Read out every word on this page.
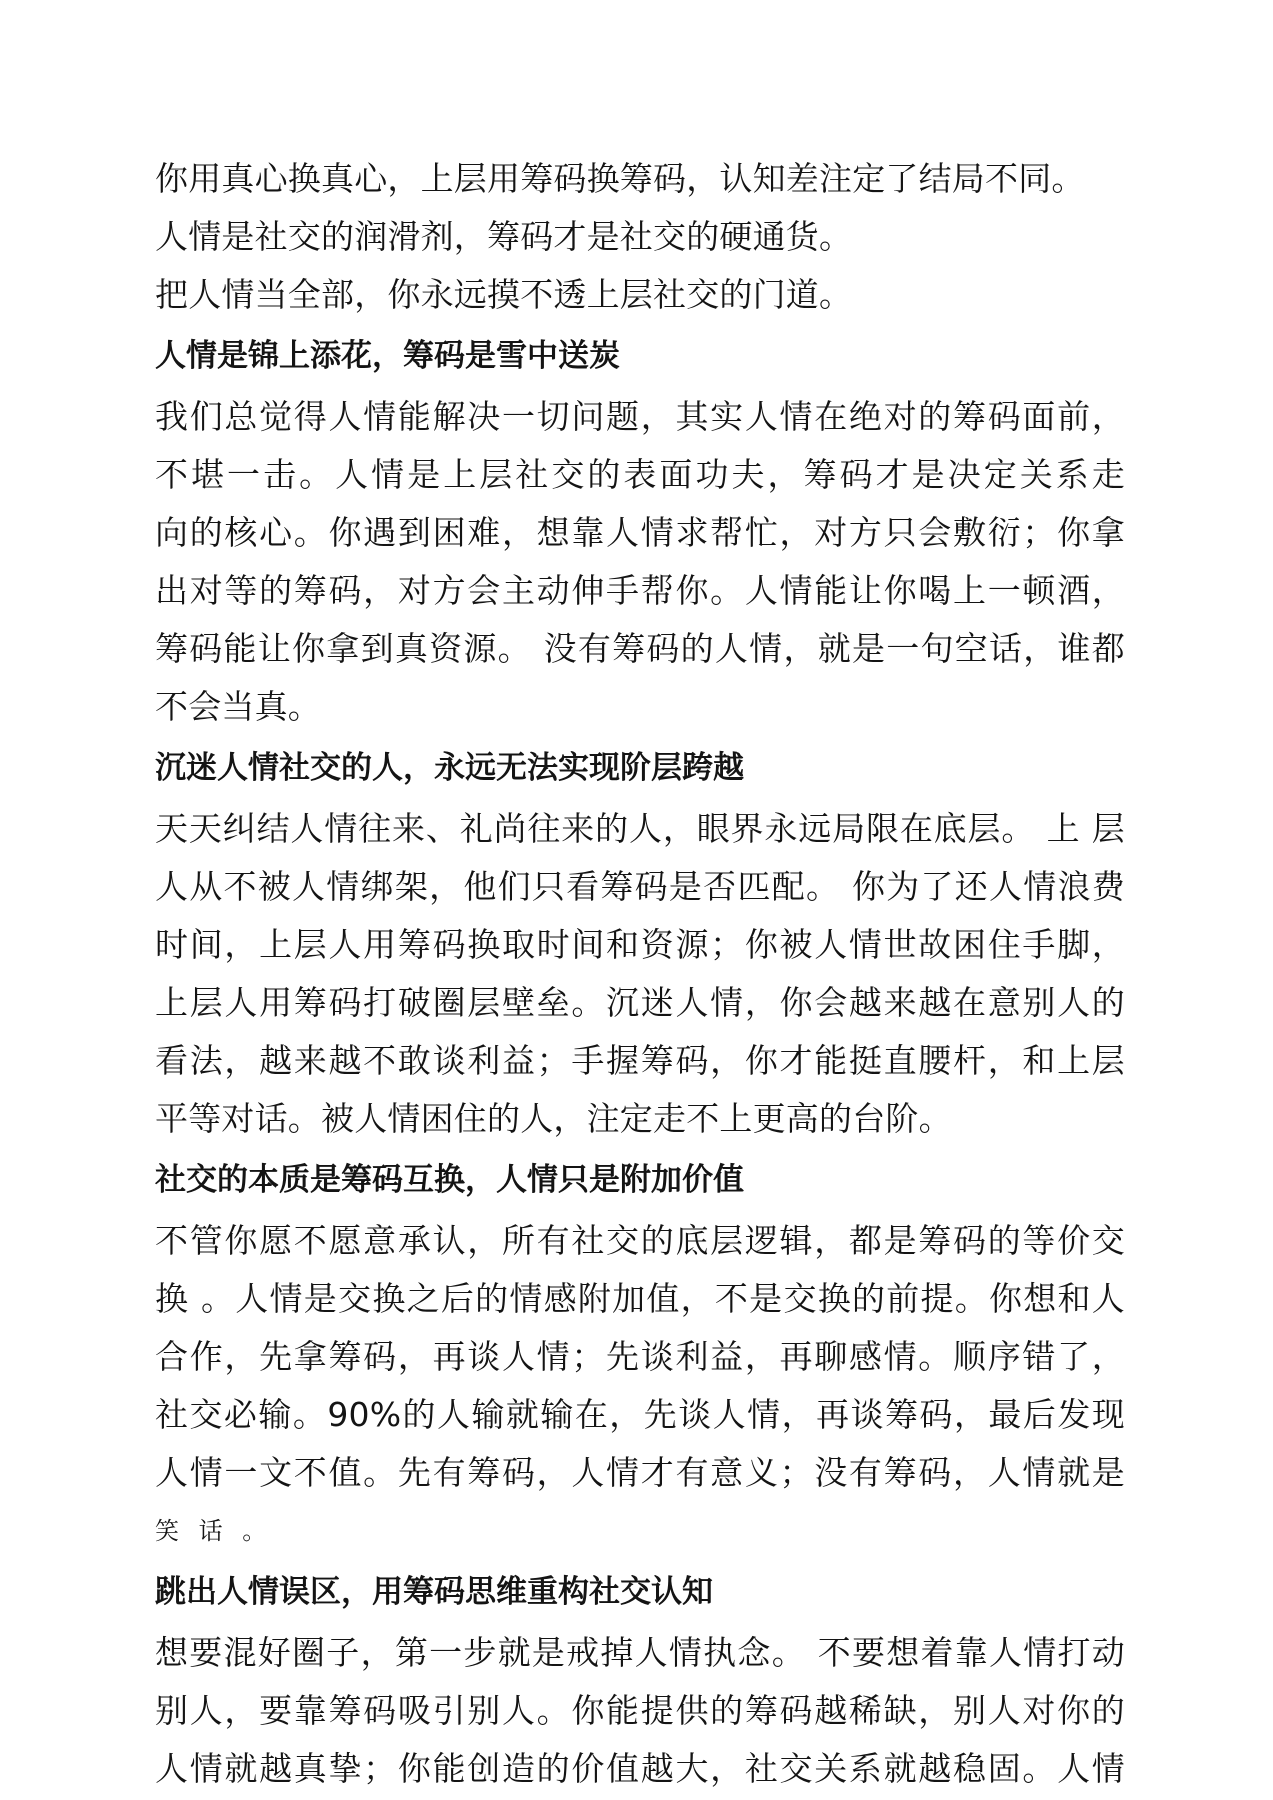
你用真心换真心，上层用筹码换筹码，认知差注定了结局不同。
人情是社交的润滑剂，筹码才是社交的硬通货。
把人情当全部，你永远摸不透上层社交的门道。
人情是锦上添花，筹码是雪中送炭
我们总觉得人情能解决一切问题，其实人情在绝对的筹码面前，
不堪一击。人情是上层社交的表面功夫，筹码才是决定关系走
向的核心。你遇到困难，想靠人情求帮忙，对方只会敷衍；你拿
出对等的筹码，对方会主动伸手帮你。人情能让你喝上一顿酒，
筹码能让你拿到真资源。 没有筹码的人情，就是一句空话，谁都
不会当真。
沉迷人情社交的人，永远无法实现阶层跨越
天天纠结人情往来、礼尚往来的人，眼界永远局限在底层。 上 层
人从不被人情绑架，他们只看筹码是否匹配。 你为了还人情浪费
时间，上层人用筹码换取时间和资源；你被人情世故困住手脚，
上层人用筹码打破圈层壁垒。沉迷人情，你会越来越在意别人的
看法，越来越不敢谈利益；手握筹码，你才能挺直腰杆，和上层
平等对话。被人情困住的人，注定走不上更高的台阶。
社交的本质是筹码互换，人情只是附加价值
不管你愿不愿意承认，所有社交的底层逻辑，都是筹码的等价交
换 。人情是交换之后的情感附加值，不是交换的前提。你想和人
合作，先拿筹码，再谈人情；先谈利益，再聊感情。顺序错了，
社交必输。90%的人输就输在，先谈人情，再谈筹码，最后发现
人情一文不值。先有筹码，人情才有意义；没有筹码，人情就是
笑 话 。
跳出人情误区，用筹码思维重构社交认知
想要混好圈子，第一步就是戒掉人情执念。 不要想着靠人情打动
别人，要靠筹码吸引别人。你能提供的筹码越稀缺，别人对你的
人情就越真挚；你能创造的价值越大，社交关系就越稳固。人情
